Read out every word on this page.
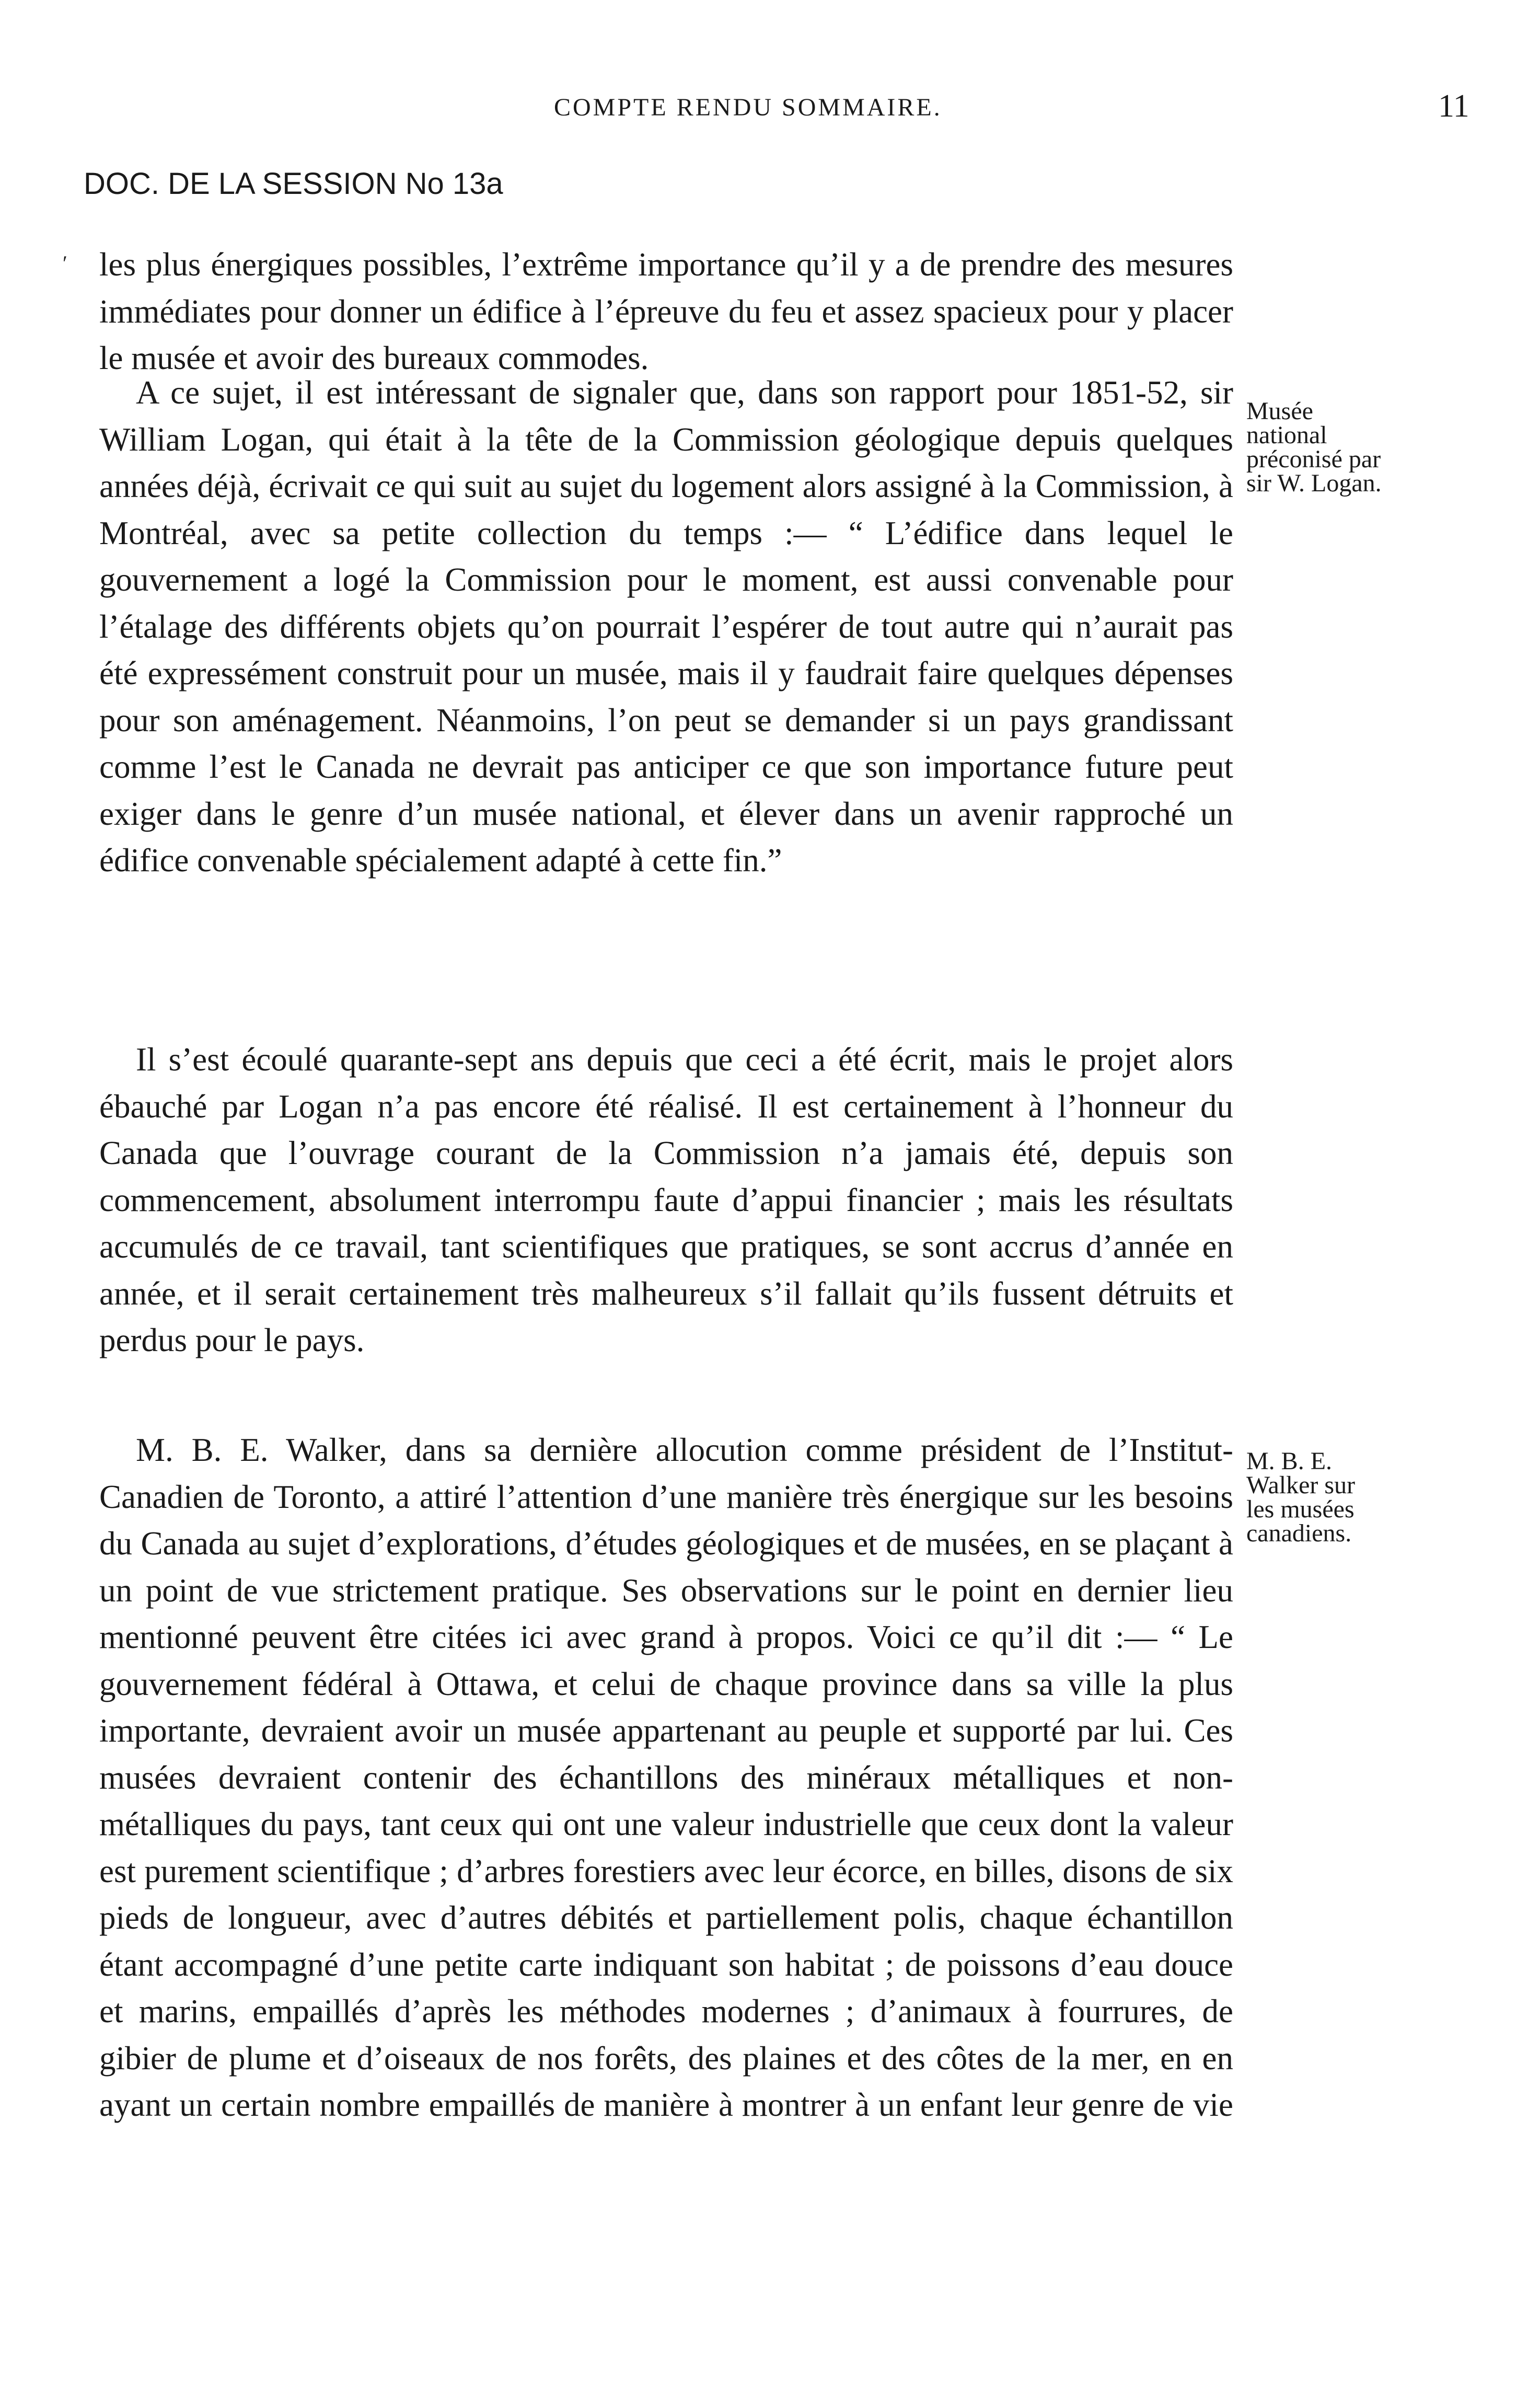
COMPTE RENDU SOMMAIRE.	11
DOC. DE LA SESSION No 13a
ʹ les plus énergiques possibles, l’extrême importance qu’il y a de prendre des mesures immédiates pour donner un édifice à l’épreuve du feu et assez spacieux pour y placer le musée et avoir des bureaux commodes.

A ce sujet, il est intéressant de signaler que, dans son rapport pour 1851-52, sir William Logan, qui était à la tête de la Commission géologique depuis quelques années déjà, écrivait ce qui suit au sujet du logement alors assigné à la Commission, à Montréal, avec sa petite collection du temps :— “ L’édifice dans lequel le gouvernement a logé la Commission pour le moment, est aussi convenable pour l’étalage des différents objets qu’on pourrait l’espérer de tout autre qui n’aurait pas été expressément construit pour un musée, mais il y faudrait faire quelques dépenses pour son aménagement. Néanmoins, l’on peut se demander si un pays grandissant comme l’est le Canada ne devrait pas anticiper ce que son importance future peut exiger dans le genre d’un musée national, et élever dans un avenir rapproché un édifice convenable spécialement adapté à cette fin.”

Il s’est écoulé quarante-sept ans depuis que ceci a été écrit, mais le projet alors ébauché par Logan n’a pas encore été réalisé. Il est certainement à l’honneur du Canada que l’ouvrage courant de la Commission n’a jamais été, depuis son commencement, absolument interrompu faute d’appui financier ; mais les résultats accumulés de ce travail, tant scientifiques que pratiques, se sont accrus d’année en année, et il serait certainement très malheureux s’il fallait qu’ils fussent détruits et perdus pour le pays.

M. B. E. Walker, dans sa dernière allocution comme président de l’Institut-Canadien de Toronto, a attiré l’attention d’une manière très énergique sur les besoins du Canada au sujet d’explorations, d’études géologiques et de musées, en se plaçant à un point de vue strictement pratique. Ses observations sur le point en dernier lieu mentionné peuvent être citées ici avec grand à propos. Voici ce qu’il dit :— “ Le gouvernement fédéral à Ottawa, et celui de chaque province dans sa ville la plus importante, devraient avoir un musée appartenant au peuple et supporté par lui. Ces musées devraient contenir des échantillons des minéraux métalliques et non-métalliques du pays, tant ceux qui ont une valeur industrielle que ceux dont la valeur est purement scientifique ; d’arbres forestiers avec leur écorce, en billes, disons de six pieds de longueur, avec d’autres débités et partiellement polis, chaque échantillon étant accompagné d’une petite carte indiquant son habitat ; de poissons d’eau douce et marins, empaillés d’après les méthodes modernes ; d’animaux à fourrures, de gibier de plume et d’oiseaux de nos forêts, des plaines et des côtes de la mer, en en ayant un certain nombre empaillés de manière à montrer à un enfant leur genre de vie

Musée
national
préconisé par
sir W. Logan.

M. B. E.
Walker sur
les musées
canadiens.
